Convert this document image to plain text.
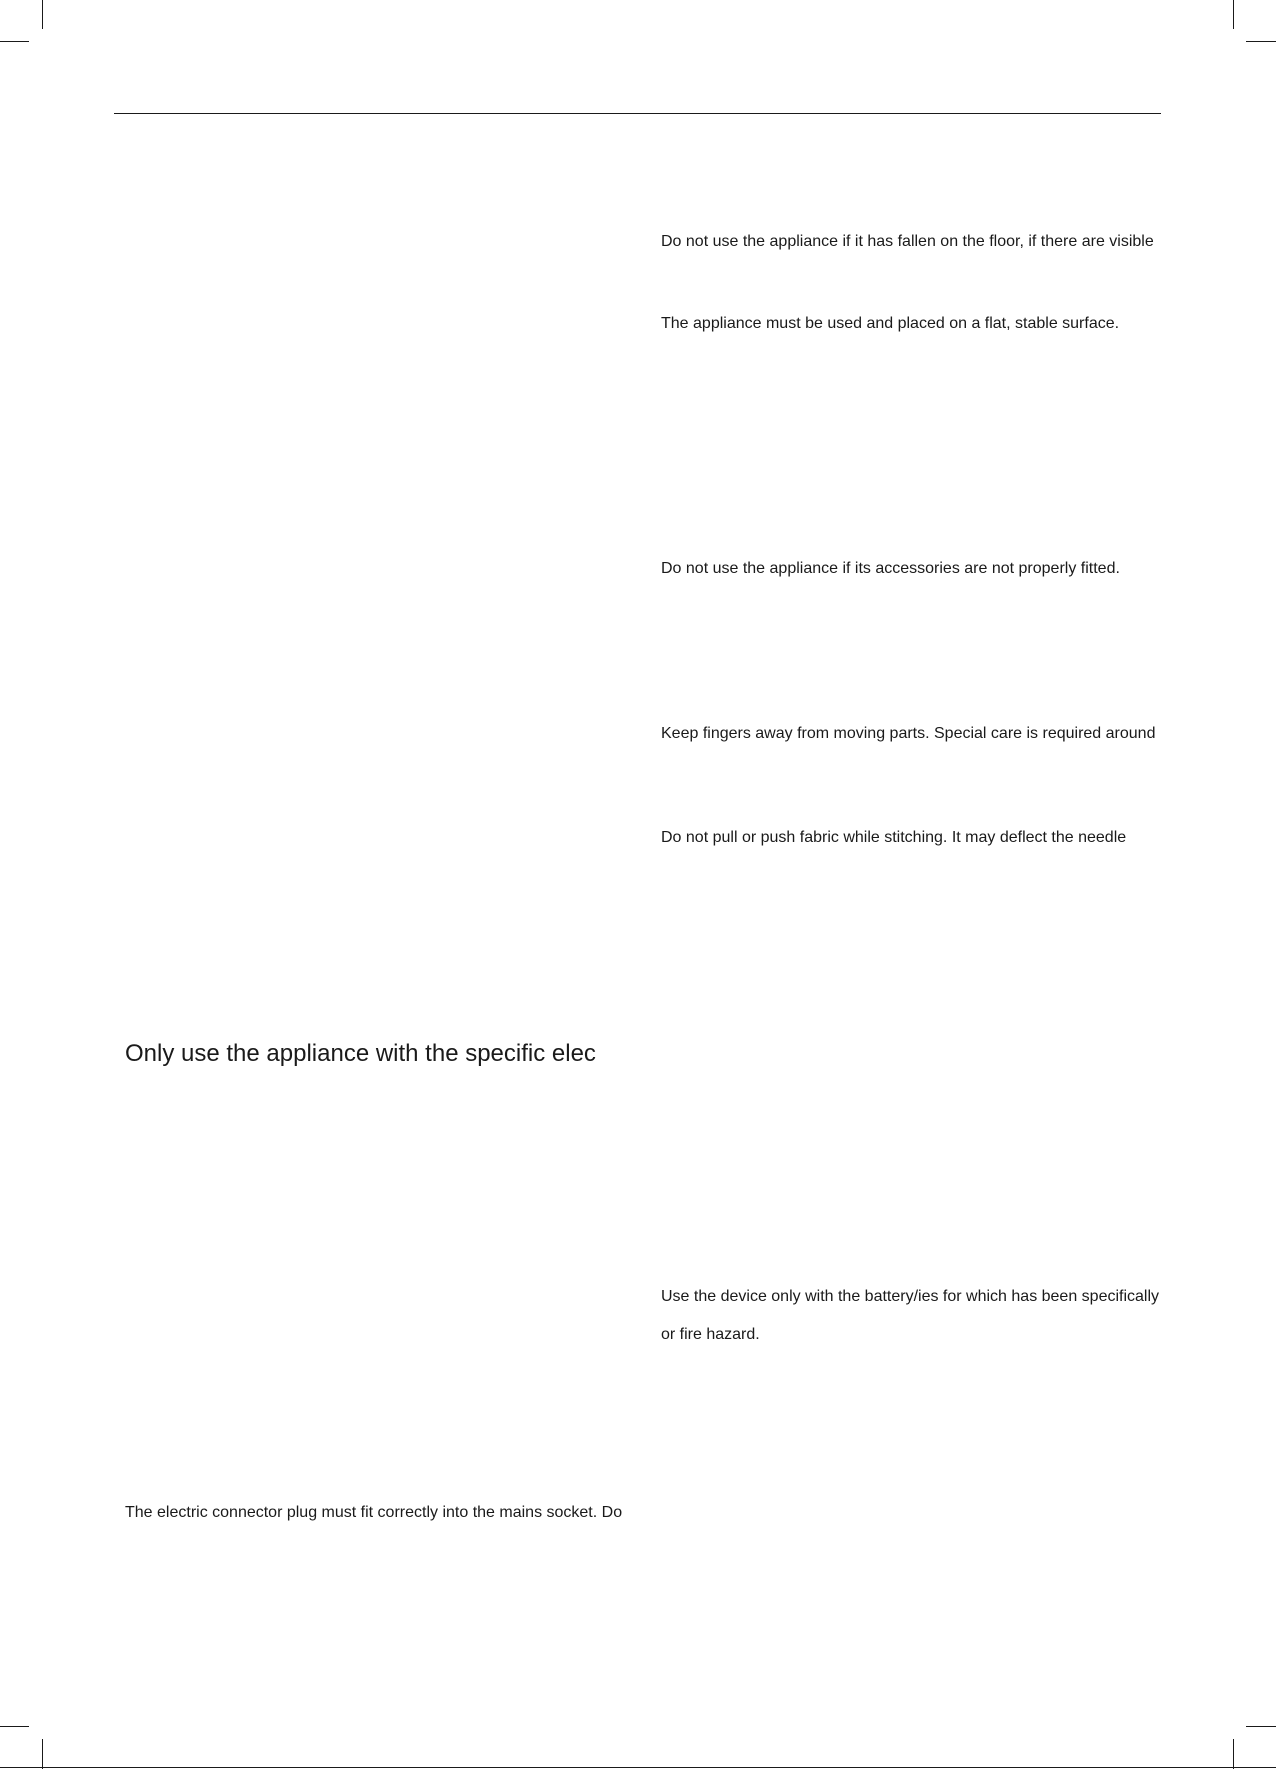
Only use the appliance with the specific elec
The electric connector plug must fit correctly into the mains socket. Do
Do not use the appliance if it has fallen on the floor, if there are visible
The appliance must be used and placed on a flat, stable surface.
Do not use the appliance if its accessories are not properly fitted.
Keep fingers away from moving parts. Special care is required around
Do not pull or push fabric while stitching. It may deflect the needle
Use the device only with the battery/ies for which has been specifically
or fire hazard.
